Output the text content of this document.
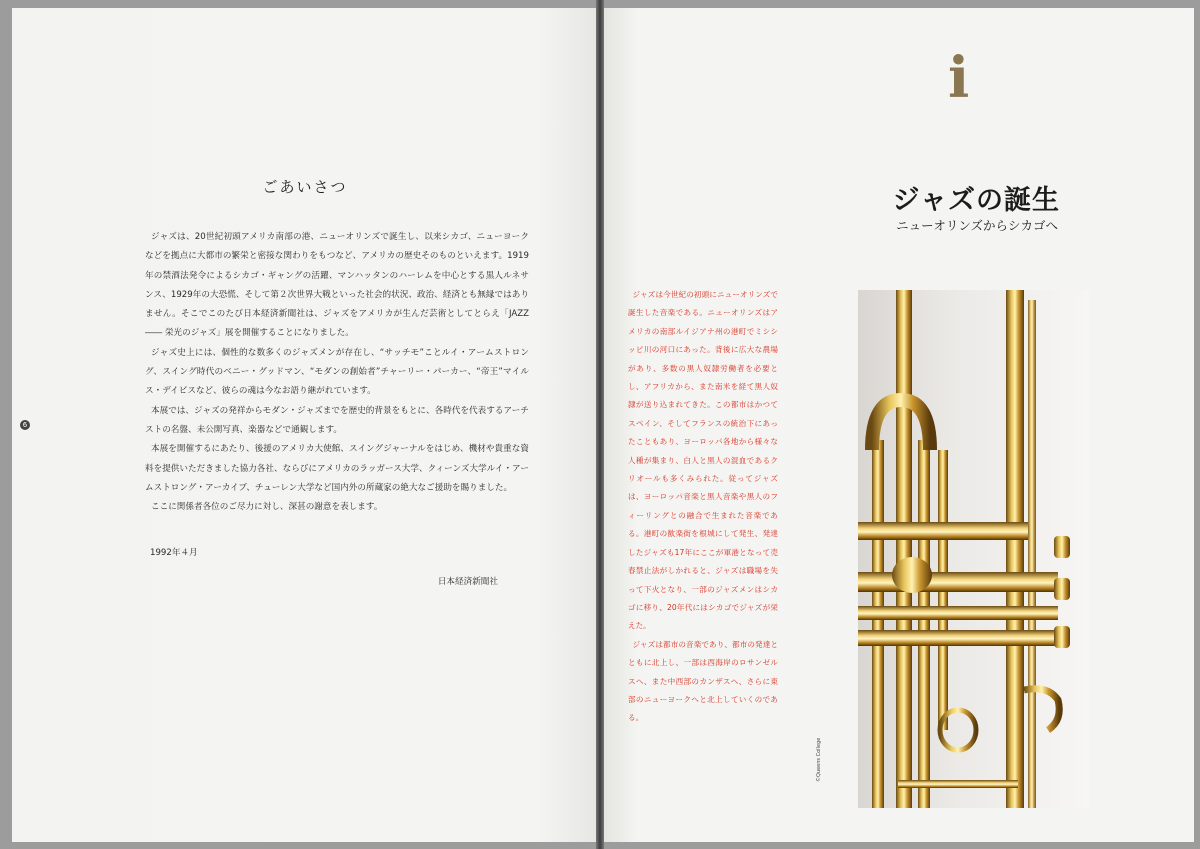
6
ごあいさつ

ジャズは、20世紀初頭アメリカ南部の港、ニューオリンズで誕生し、以来シカゴ、ニューヨークなどを拠点に大都市の繁栄と密接な関わりをもつなど、アメリカの歴史そのものといえます。1919年の禁酒法発令によるシカゴ・ギャングの活躍、マンハッタンのハーレムを中心とする黒人ルネサンス、1929年の大恐慌、そして第２次世界大戦といった社会的状況、政治、経済とも無縁ではありません。そこでこのたび日本経済新聞社は、ジャズをアメリカが生んだ芸術としてとらえ「JAZZ ―― 栄光のジャズ」展を開催することになりました。

ジャズ史上には、個性的な数多くのジャズメンが存在し、“サッチモ”ことルイ・アームストロング、スイング時代のベニー・グッドマン、“モダンの創始者”チャーリー・パーカー、“帝王”マイルス・デイビスなど、彼らの魂は今なお語り継がれています。

本展では、ジャズの発祥からモダン・ジャズまでを歴史的背景をもとに、各時代を代表するアーチストの名盤、未公開写真、楽器などで通観します。

本展を開催するにあたり、後援のアメリカ大使館、スイングジャーナルをはじめ、機材や貴重な資料を提供いただきました協力各社、ならびにアメリカのラッガース大学、クィーンズ大学ルイ・アームストロング・アーカイブ、チューレン大学など国内外の所蔵家の絶大なご援助を賜りました。

ここに関係者各位のご尽力に対し、深甚の謝意を表します。

1992年４月
日本経済新聞社
i
ジャズの誕生
ニューオリンズからシカゴへ

ジャズは今世紀の初頭にニューオリンズで誕生した音楽である。ニューオリンズはアメリカの南部ルイジアナ州の港町でミシシッピ川の河口にあった。背後に広大な農場があり、多数の黒人奴隷労働者を必要とし、アフリカから、また南米を経て黒人奴隷が送り込まれてきた。この都市はかつてスペイン、そしてフランスの統治下にあったこともあり、ヨーロッパ各地から様々な人種が集まり、白人と黒人の混血であるクリオールも多くみられた。従ってジャズは、ヨーロッパ音楽と黒人音楽や黒人のフィーリングとの融合で生まれた音楽である。港町の歓楽街を根城にして発生、発達したジャズも17年にここが軍港となって売春禁止法がしかれると、ジャズは職場を失って下火となり、一部のジャズメンはシカゴに移り、20年代にはシカゴでジャズが栄えた。

ジャズは都市の音楽であり、都市の発達とともに北上し、一部は西海岸のロサンゼルスへ、また中西部のカンザスへ、さらに東部のニューヨークへと北上していくのである。

©Queens College
